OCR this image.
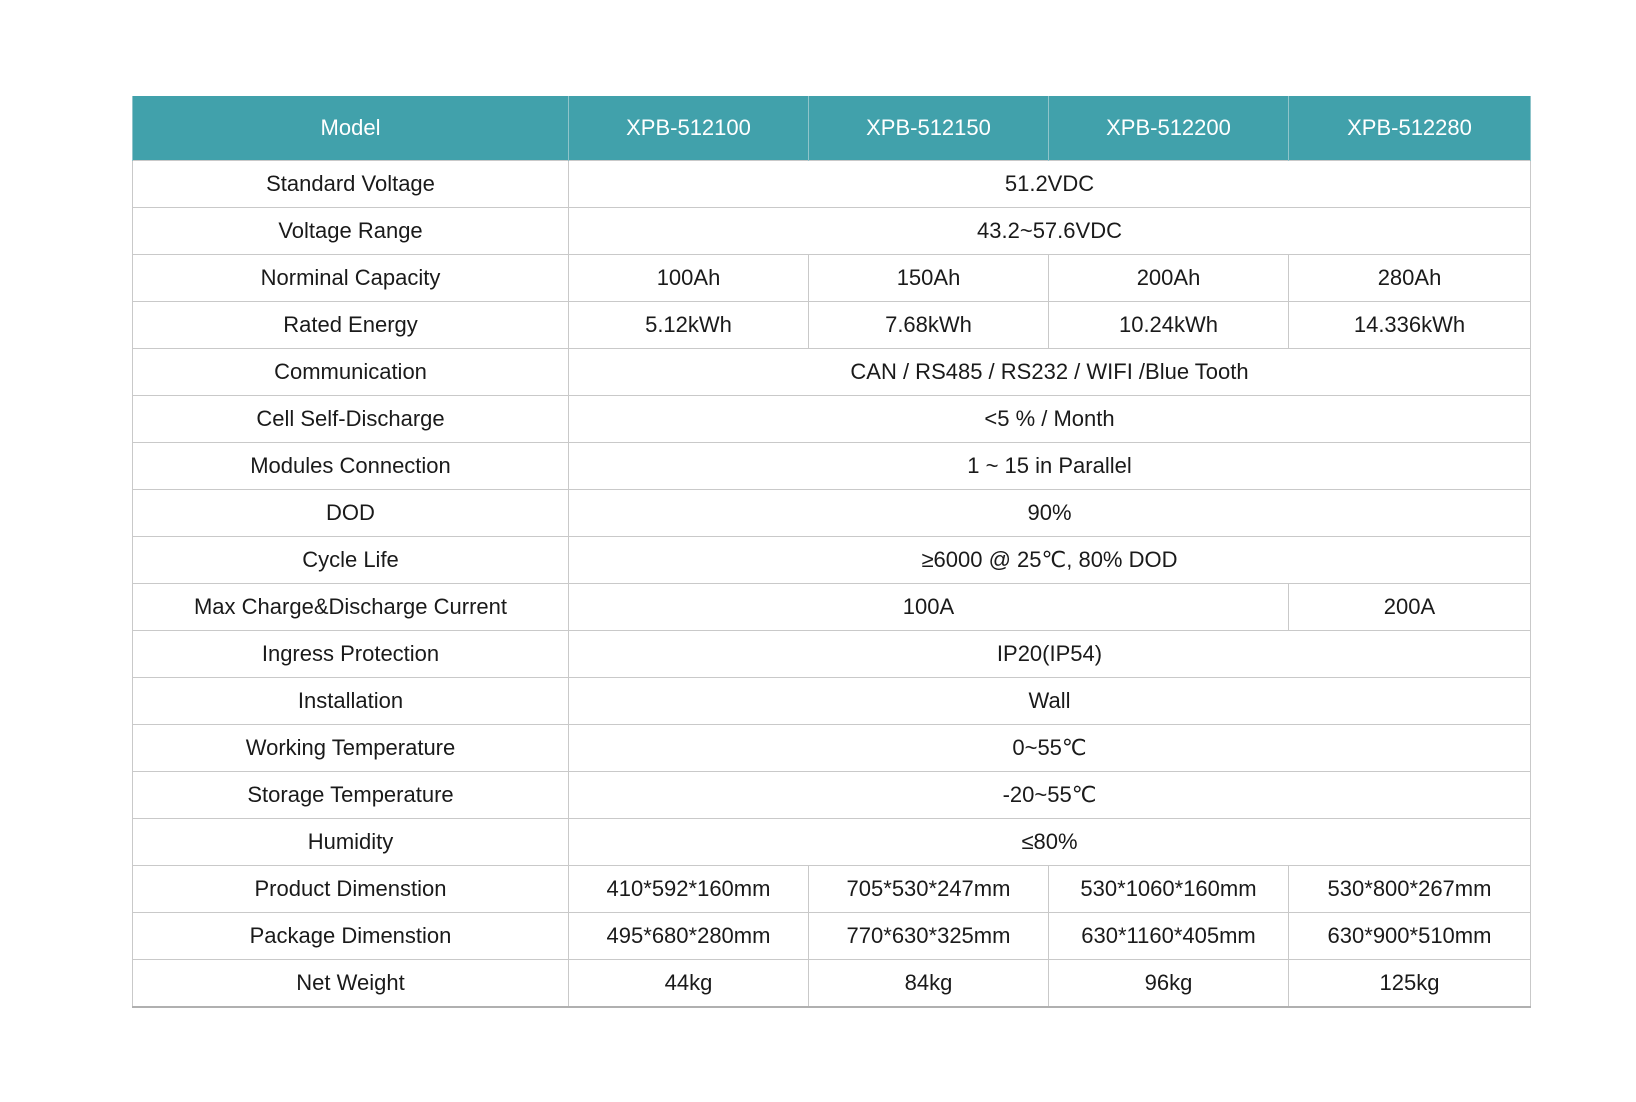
Model	XPB-512100	XPB-512150	XPB-512200	XPB-512280
Standard Voltage	51.2VDC			
Voltage Range	43.2~57.6VDC			
Norminal Capacity	100Ah	150Ah	200Ah	280Ah
Rated Energy	5.12kWh	7.68kWh	10.24kWh	14.336kWh
Communication	CAN / RS485 / RS232 / WIFI /Blue Tooth			
Cell Self-Discharge	<5 % / Month			
Modules Connection	1 ~ 15 in Parallel			
DOD	90%			
Cycle Life	≥6000 @ 25℃, 80% DOD			
Max Charge&Discharge Current	100A			200A
Ingress Protection	IP20(IP54)			
Installation	Wall			
Working Temperature	0~55℃			
Storage Temperature	-20~55℃			
Humidity	≤80%			
Product Dimenstion	410*592*160mm	705*530*247mm	530*1060*160mm	530*800*267mm
Package Dimenstion	495*680*280mm	770*630*325mm	630*1160*405mm	630*900*510mm
Net Weight	44kg	84kg	96kg	125kg
